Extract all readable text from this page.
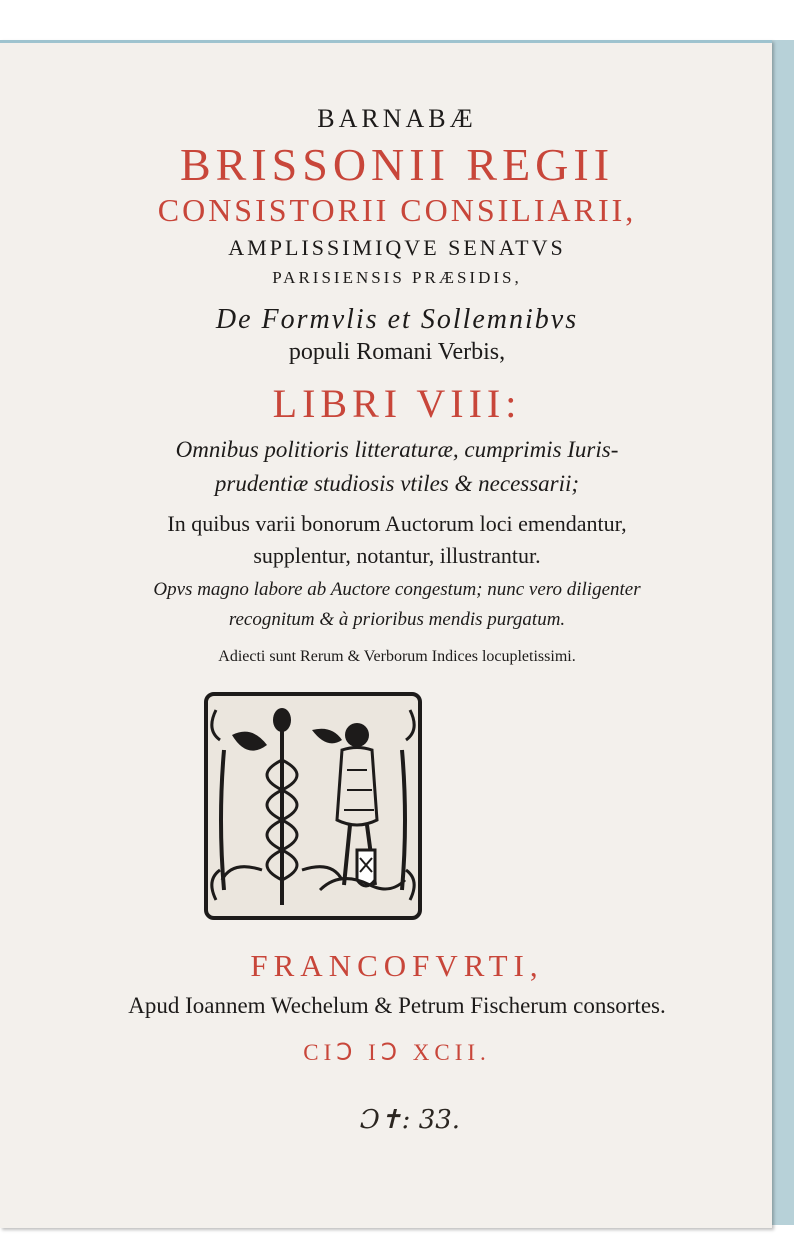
BARNABÆ
BRISSONII REGII
CONSISTORII CONSILIARII,
AMPLISSIMIQVE SENATVS
PARISIENSIS PRÆSIDIS,
De Formvlis et Sollemnibvs
populi Romani Verbis,
LIBRI VIII:
Omnibus politioris litteraturæ, cumprimis Iuris-
prudentiæ studiosis vtiles & necessarii;
In quibus varii bonorum Auctorum loci emendantur,
supplentur, notantur, illustrantur.
Opvs magno labore ab Auctore congestum; nunc vero diligenter
recognitum & à prioribus mendis purgatum.
Adiecti sunt Rerum & Verborum Indices locupletissimi.
FRANCOFVRTI,
Apud Ioannem Wechelum & Petrum Fischerum consortes.
CIↃ IↃ XCII.
Ɔ✝: 33.
